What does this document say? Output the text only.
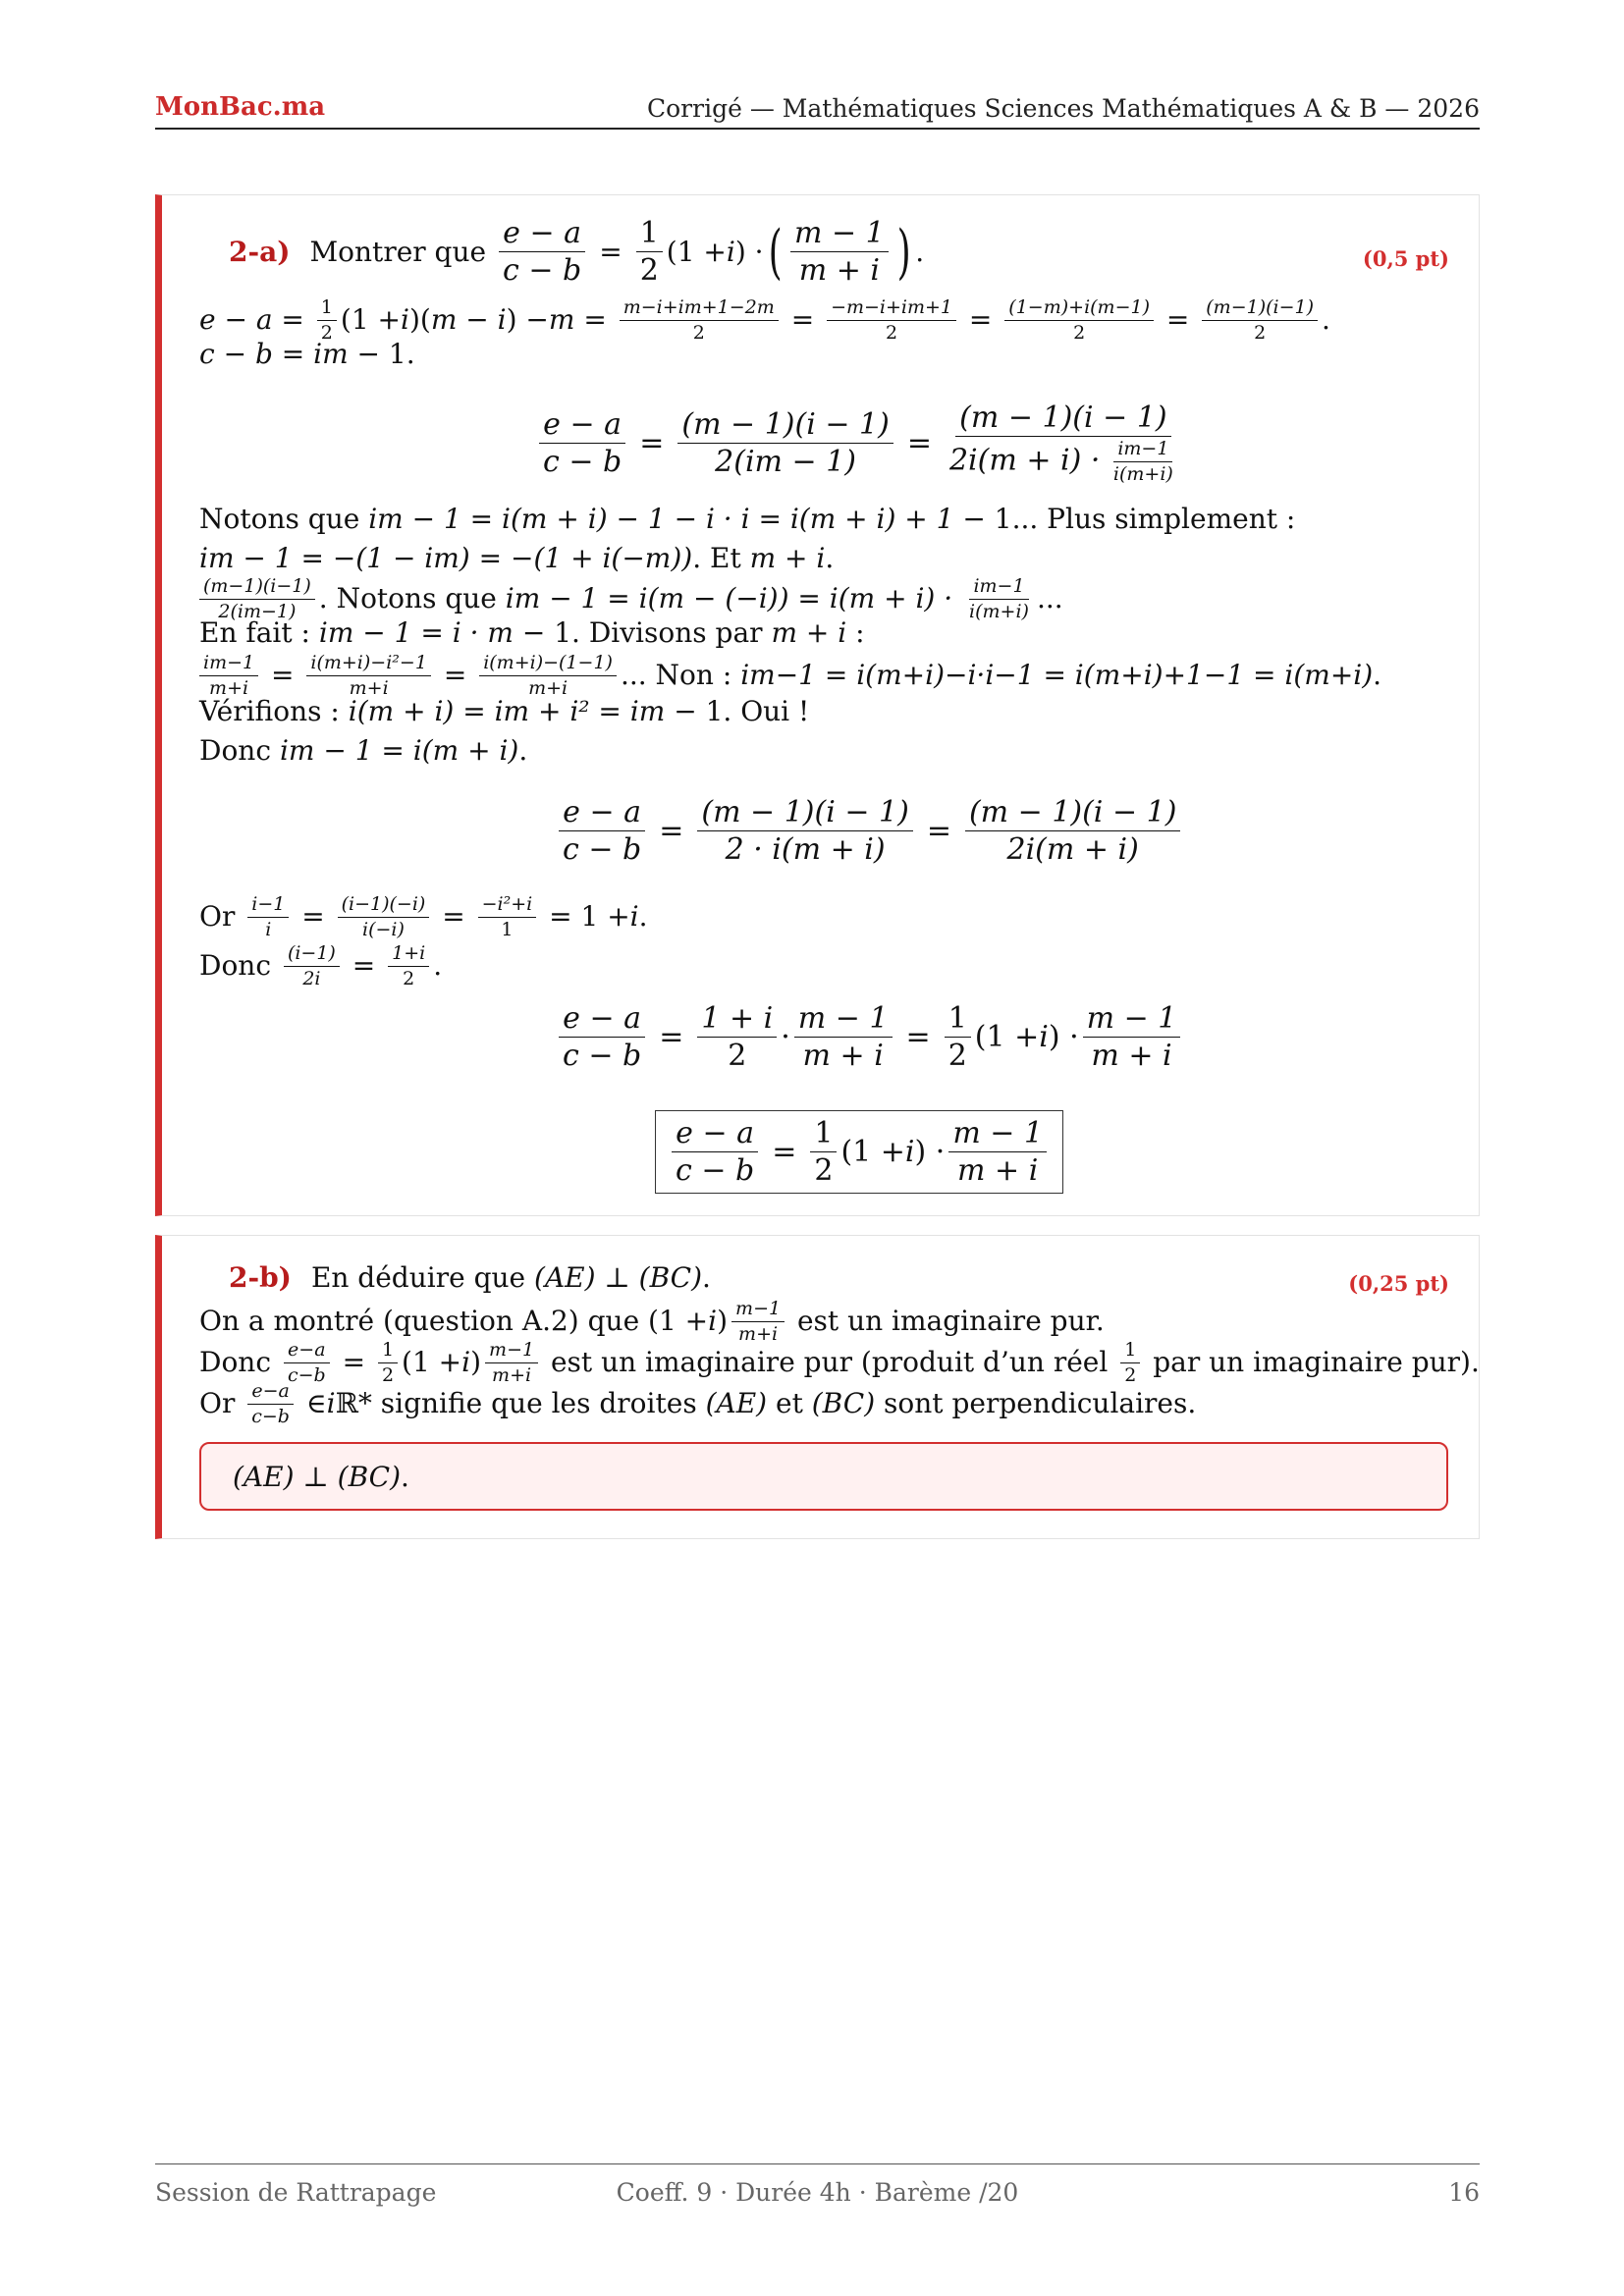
MonBac.ma	Corrigé — Mathématiques Sciences Mathématiques A & B — 2026
2-a) Montrer que
$\frac{e - a}{c - b} = \frac{1}{2} (1 + i$ ) · ( $\frac{m - 1}{m + i}$ ) .	(0,5 pt)
$e - a = \frac{1}{2} (1 + i$ )( m − i ) − $m = \frac{m-i+im+1-2m}{2} = \frac{-m-i+im+1}{2} = \frac{(1-m)+i(m-1)}{2} = \frac{(m-1)(i-1)}{2}$ .
c − b = im − 1.
$\frac{e - a}{c - b} = \frac{(m - 1)(i - 1)}{2(im - 1)} = \frac{(m - 1)(i - 1)}{2i(m + i) \cdot \frac{im-1}{i(m+i)}}$
Notons que
im − 1 = i(m + i) − 1 − i · i = i(m + i) + 1 − 1 ... Plus simplement :
im − 1 = −(1 − im) = −(1 + i(−m)) . Et
m + i .
$\frac{(m-1)(i-1)}{2(im-1)}$ . Notons que
im − 1 = i(m − (−i)) = i(m + i) ·
$\frac{im-1}{i(m+i)}$ ...
En fait :
im − 1 = i · m − 1 . Divisons par
m + i :
$\frac{im-1}{m+i} = \frac{\text{i(m+i)−i²−1}}{m+i} = \frac{i(m+i)-(1-1)}{m+i}$ ... Non :
im−1 = i(m+i)−i·i−1 = i(m+i)+1−1 = i(m+i) .
Vérifions :
i(m + i) = im + i² = im − 1 . Oui !
Donc
im − 1 = i(m + i) .
$\frac{e - a}{c - b} = \frac{(m - 1)(i - 1)}{2 \cdot i(m + i)} = \frac{(m - 1)(i - 1)}{2i(m + i)}$
Or
$\frac{i-1}{i} = \frac{(i-1)(-i)}{i(-i)} = \frac{\text{−i²+i}}{1} = 1 + i$ .
Donc
$\frac{(i-1)}{2i} = \frac{1+i}{2}$ .
$\frac{e - a}{c - b} = \frac{1 + i}{2} \cdot \frac{m - 1}{m + i} = \frac{1}{2} (1 + i$ ) · $\frac{m - 1}{m + i}$
$\frac{e - a}{c - b} = \frac{1}{2} (1 + i$ ) · $\frac{m - 1}{m + i}$
2-b) En déduire que
(AE) ⊥ (BC) .	(0,25 pt)
On a montré (question A.2) que (1 + i ) $\frac{m-1}{m+i}$
est un imaginaire pur.
Donc
$\frac{e-a}{c-b} = \frac{1}{2} (1 + i$ ) $\frac{m-1}{m+i}$
est un imaginaire pur (produit d’un réel
$\frac{1}{2}$
par un imaginaire pur).
Or
$\frac{e-a}{c-b}$ ∈ i ℝ* signifie que les droites
(AE)
et
(BC)
sont perpendiculaires.
(AE) ⊥ (BC) .
Session de Rattrapage	Coeff. 9 · Durée 4h · Barème /20	16
